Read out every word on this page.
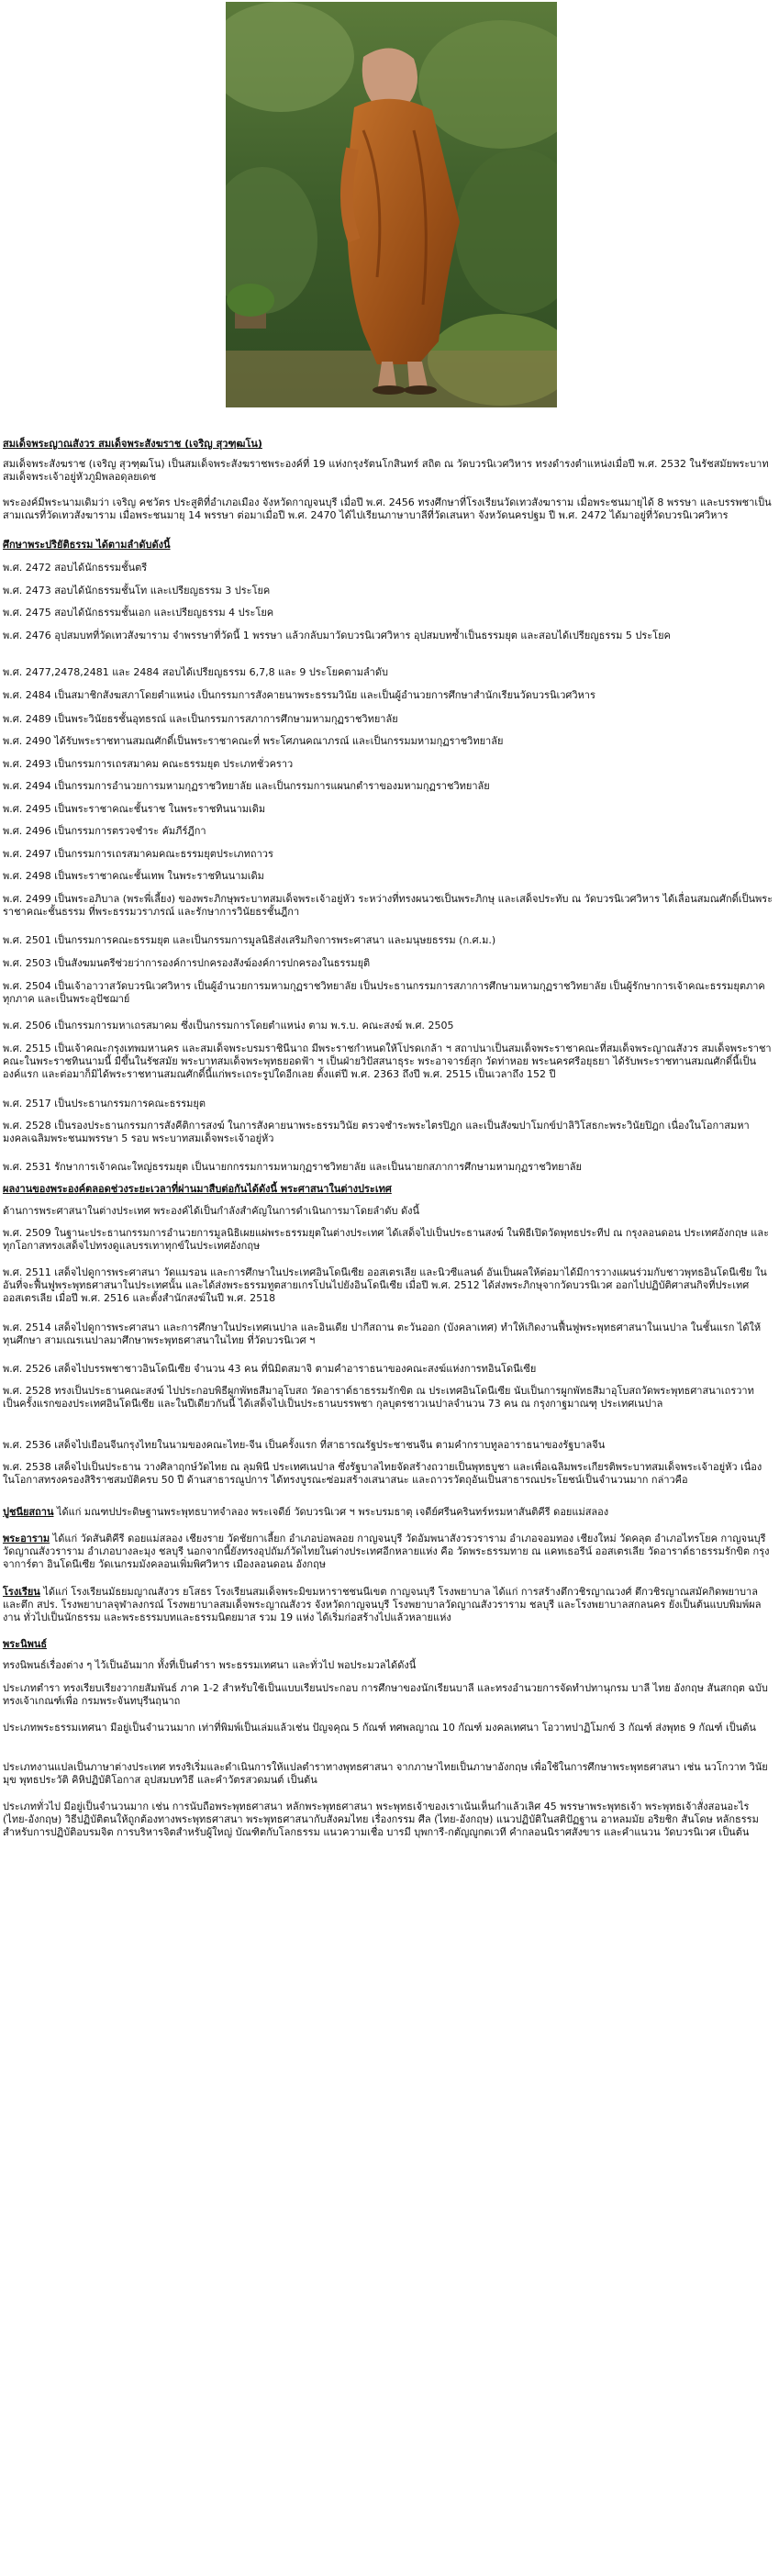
สมเด็จพระญาณสังวร สมเด็จพระสังฆราช (เจริญ สุวฑฺฒโน)
สมเด็จพระสังฆราช (เจริญ สุวฑฺฒโน) เป็นสมเด็จพระสังฆราชพระองค์ที่ 19 แห่งกรุงรัตนโกสินทร์ สถิต ณ วัดบวรนิเวศวิหาร ทรงดำรงตำแหน่งเมื่อปี พ.ศ. 2532 ในรัชสมัยพระบาทสมเด็จพระเจ้าอยู่หัวภูมิพลอดุลยเดช
พระองค์มีพระนามเดิมว่า เจริญ คชวัตร ประสูติที่อำเภอเมือง จังหวัดกาญจนบุรี เมื่อปี พ.ศ. 2456 ทรงศึกษาที่โรงเรียนวัดเทวสังฆาราม เมื่อพระชนมายุได้ 8 พรรษา และบรรพชาเป็นสามเณรที่วัดเทวสังฆาราม เมื่อพระชนมายุ 14 พรรษา ต่อมาเมื่อปี พ.ศ. 2470 ได้ไปเรียนภาษาบาลีที่วัดเสนหา จังหวัดนครปฐม ปี พ.ศ. 2472 ได้มาอยู่ที่วัดบวรนิเวศวิหาร
ศึกษาพระปริยัติธรรม ได้ตามลำดับดังนี้
พ.ศ. 2472 สอบได้นักธรรมชั้นตรี
พ.ศ. 2473 สอบได้นักธรรมชั้นโท และเปรียญธรรม 3 ประโยค
พ.ศ. 2475 สอบได้นักธรรมชั้นเอก และเปรียญธรรม 4 ประโยค
พ.ศ. 2476 อุปสมบทที่วัดเทวสังฆาราม จำพรรษาที่วัดนี้ 1 พรรษา แล้วกลับมาวัดบวรนิเวศวิหาร อุปสมบทซ้ำเป็นธรรมยุต และสอบได้เปรียญธรรม 5 ประโยค
พ.ศ. 2477,2478,2481 และ 2484 สอบได้เปรียญธรรม 6,7,8 และ 9 ประโยคตามลำดับ
พ.ศ. 2484 เป็นสมาชิกสังฆสภาโดยตำแหน่ง เป็นกรรมการสังคายนาพระธรรมวินัย และเป็นผู้อำนวยการศึกษาสำนักเรียนวัดบวรนิเวศวิหาร
พ.ศ. 2489 เป็นพระวินัยธรชั้นอุทธรณ์ และเป็นกรรมการสภาการศึกษามหามกุฏราชวิทยาลัย
พ.ศ. 2490 ได้รับพระราชทานสมณศักดิ์เป็นพระราชาคณะที่ พระโศภนคณาภรณ์ และเป็นกรรมมหามกุฏราชวิทยาลัย
พ.ศ. 2493 เป็นกรรมการเถรสมาคม คณะธรรมยุต ประเภทชั่วคราว
พ.ศ. 2494 เป็นกรรมการอำนวยการมหามกุฏราชวิทยาลัย และเป็นกรรมการแผนกตำราของมหามกุฏราชวิทยาลัย
พ.ศ. 2495 เป็นพระราชาคณะชั้นราช ในพระราชทินนามเดิม
พ.ศ. 2496 เป็นกรรมการตรวจชำระ คัมภีร์ฎีกา
พ.ศ. 2497 เป็นกรรมการเถรสมาคมคณะธรรมยุตประเภทถาวร
พ.ศ. 2498 เป็นพระราชาคณะชั้นเทพ ในพระราชทินนามเดิม
พ.ศ. 2499 เป็นพระอภิบาล (พระพี่เลี้ยง) ของพระภิกษุพระบาทสมเด็จพระเจ้าอยู่หัว ระหว่างที่ทรงผนวชเป็นพระภิกษุ และเสด็จประทับ ณ วัดบวรนิเวศวิหาร ได้เลื่อนสมณศักดิ์เป็นพระราชาคณะชั้นธรรม ที่พระธรรมวราภรณ์ และรักษาการวินัยธรชั้นฎีกา
พ.ศ. 2501 เป็นกรรมการคณะธรรมยุต และเป็นกรรมการมูลนิธิส่งเสริมกิจการพระศาสนา และมนุษยธรรม (ก.ศ.ม.)
พ.ศ. 2503 เป็นสังฆมนตรีช่วยว่าการองค์การปกครองสังฆ์องค์การปกครองในธรรมยุติ
พ.ศ. 2504 เป็นเจ้าอาวาสวัดบวรนิเวศวิหาร เป็นผู้อำนวยการมหามกุฏราชวิทยาลัย เป็นประธานกรรมการสภาการศึกษามหามกุฏราชวิทยาลัย เป็นผู้รักษาการเจ้าคณะธรรมยุตภาคทุกภาค และเป็นพระอุปัชฌาย์
พ.ศ. 2506 เป็นกรรมการมหาเถรสมาคม ซึ่งเป็นกรรมการโดยตำแหน่ง ตาม พ.ร.บ. คณะสงฆ์ พ.ศ. 2505
พ.ศ. 2515 เป็นเจ้าคณะกรุงเทพมหานคร และสมเด็จพระบรมราชินีนาถ มีพระราชกำหนดให้โปรดเกล้า ฯ สถาปนาเป็นสมเด็จพระราชาคณะที่สมเด็จพระญาณสังวร สมเด็จพระราชาคณะในพระราชทินนามนี้ มีขึ้นในรัชสมัย พระบาทสมเด็จพระพุทธยอดฟ้า ฯ เป็นฝ่ายวิปัสสนาธุระ พระอาจารย์สุก วัดท่าหอย พระนครศรีอยุธยา ได้รับพระราชทานสมณศักดิ์นี้เป็นองค์แรก และต่อมาก็มิได้พระราชทานสมณศักดิ์นี้แก่พระเถระรูปใดอีกเลย ตั้งแต่ปี พ.ศ. 2363 ถึงปี พ.ศ. 2515 เป็นเวลาถึง 152 ปี
พ.ศ. 2517 เป็นประธานกรรมการคณะธรรมยุต
พ.ศ. 2528 เป็นรองประธานกรรมการสังคีติการสงฆ์ ในการสังคายนาพระธรรมวินัย ตรวจชำระพระไตรปิฎก และเป็นสังฆปาโมกข์ปาลิวิโสธกะพระวินัยปิฎก เนื่องในโอกาสมหามงคลเฉลิมพระชนมพรรษา 5 รอบ พระบาทสมเด็จพระเจ้าอยู่หัว
พ.ศ. 2531 รักษาการเจ้าคณะใหญ่ธรรมยุต เป็นนายกกรรมการมหามกุฏราชวิทยาลัย และเป็นนายกสภาการศึกษามหามกุฏราชวิทยาลัย
ผลงานของพระองค์ตลอดช่วงระยะเวลาที่ผ่านมาสืบต่อกันได้ดังนี้ พระศาสนาในต่างประเทศ
ด้านการพระศาสนาในต่างประเทศ พระองค์ได้เป็นกำลังสำคัญในการดำเนินการมาโดยลำดับ ดังนี้
พ.ศ. 2509 ในฐานะประธานกรรมการอำนวยการมูลนิธิเผยแผ่พระธรรมยุตในต่างประเทศ ได้เสด็จไปเป็นประธานสงฆ์ ในพิธีเปิดวัดพุทธประทีป ณ กรุงลอนดอน ประเทศอังกฤษ และทุกโอกาสทรงเสด็จไปทรงดูแลบรรเทาทุกข์ในประเทศอังกฤษ
พ.ศ. 2511 เสด็จไปดูการพระศาสนา วัดแมรอน และการศึกษาในประเทศอินโดนีเซีย ออสเตรเลีย และนิวซีแลนด์ อันเป็นผลให้ต่อมาได้มีการวางแผนร่วมกับชาวพุทธอินโดนีเซีย ในอันที่จะฟื้นฟูพระพุทธศาสนาในประเทศนั้น และได้ส่งพระธรรมทูตสายเกรโปนไปยังอินโดนีเซีย เมื่อปี พ.ศ. 2512 ได้ส่งพระภิกษุจากวัดบวรนิเวศ ออกไปปฏิบัติศาสนกิจที่ประเทศออสเตรเลีย เมื่อปี พ.ศ. 2516 และตั้งสำนักสงฆ์ในปี พ.ศ. 2518
พ.ศ. 2514 เสด็จไปดูการพระศาสนา และการศึกษาในประเทศเนปาล และอินเดีย ปากีสถาน ตะวันออก (บังคลาเทศ) ทำให้เกิดงานฟื้นฟูพระพุทธศาสนาในเนปาล ในชั้นแรก ได้ให้ทุนศึกษา สามเณรเนปาลมาศึกษาพระพุทธศาสนาในไทย ที่วัดบวรนิเวศ ฯ
พ.ศ. 2526 เสด็จไปบรรพชาชาวอินโดนีเซีย จำนวน 43 คน ที่นิมิตสมาจิ ตามคำอาราธนาของคณะสงฆ์แห่งการทอินโดนีเซีย
พ.ศ. 2528 ทรงเป็นประธานคณะสงฆ์ ไปประกอบพิธีผูกพัทธสีมาอุโบสถ วัดอาราด์ธาธรรมรักขิต ณ ประเทศอินโดนีเซีย นับเป็นการผูกพัทธสีมาอุโบสถวัดพระพุทธศาสนาเถรวาท เป็นครั้งแรกของประเทศอินโดนีเซีย และในปีเดียวกันนี้ ได้เสด็จไปเป็นประธานบรรพชา กุลบุตรชาวเนปาลจำนวน 73 คน ณ กรุงกาฐมาณฑุ ประเทศเนปาล
พ.ศ. 2536 เสด็จไปเยือนจีนกรุงไทยในนามของคณะไทย-จีน เป็นครั้งแรก ที่สาธารณรัฐประชาชนจีน ตามคำกราบทูลอาราธนาของรัฐบาลจีน
พ.ศ. 2538 เสด็จไปเป็นประธาน วางศิลาฤกษ์วัดไทย ณ ลุมพินี ประเทศเนปาล ซึ่งรัฐบาลไทยจัดสร้างถวายเป็นพุทธบูชา และเพื่อเฉลิมพระเกียรติพระบาทสมเด็จพระเจ้าอยู่หัว เนื่องในโอกาสทรงครองสิริราชสมบัติครบ 50 ปี ด้านสาธารณูปการ ได้ทรงบูรณะซ่อมสร้างเสนาสนะ และถาวรวัตถุอันเป็นสาธารณประโยชน์เป็นจำนวนมาก กล่าวคือ
ปูชนียสถาน ได้แก่ มณฑปประดิษฐานพระพุทธบาทจำลอง พระเจดีย์ วัดบวรนิเวศ ฯ พระบรมธาตุ เจดีย์ศรีนครินทร์หรมหาสันติคีรี ดอยแม่สลอง
พระอาราม ได้แก่ วัดสันติคีรี ดอยแม่สลอง เชียงราย วัดชัยกาเลี้ยก อำเภอบ่อพลอย กาญจนบุรี วัดอัมพนาสังวรวราราม อำเภอจอมทอง เชียงใหม่ วัดคลุต อำเภอไทรโยค กาญจนบุรี วัดญาณสังวราราม อำเภอบางละมุง ชลบุรี นอกจากนี้ยังทรงอุปถัมภ์วัดไทยในต่างประเทศอีกหลายแห่ง คือ วัดพระธรรมทาย ณ แคทเธอรีน์ ออสเตรเลีย วัดอาราด์ธาธรรมรักขิต กรุงจาการ์ตา อินโดนีเซีย วัดเนกรมมังคลอนเพิ่มพิศวิหาร เมืองลอนดอน อังกฤษ
โรงเรียน ได้แก่ โรงเรียนมัธยมญาณสังวร ยโสธร โรงเรียนสมเด็จพระมิขมหาราชชนนีเขต กาญจนบุรี โรงพยาบาล ได้แก่ การสร้างตึกวชิรญาณวงศ์ ตึกวชิรญาณสมัคกิดพยาบาล และตึก สปร. โรงพยาบาลจุฬาลงกรณ์ โรงพยาบาลสมเด็จพระญาณสังวร จังหวัดกาญจนบุรี โรงพยาบาลวัดญาณสังวราราม ชลบุรี และโรงพยาบาลสกลนคร ยังเป็นต้นแบบพิมพ์ผลงาน ทั่วไปเป็นนักธรรม และพระธรรมบทและธรรมนิตยมาส รวม 19 แห่ง ได้เริ่มก่อสร้างไปแล้วหลายแห่ง
พระนิพนธ์
ทรงนิพนธ์เรื่องต่าง ๆ ไว้เป็นอันมาก ทั้งที่เป็นตำรา พระธรรมเทศนา และทั่วไป พอประมวลได้ดังนี้
ประเภทตำรา ทรงเรียบเรียงวากยสัมพันธ์ ภาค 1-2 สำหรับใช้เป็นแบบเรียนประกอบ การศึกษาของนักเรียนบาลี และทรงอำนวยการจัดทำปทานุกรม บาลี ไทย อังกฤษ สันสกฤต ฉบับทรงเจ้าเกณฑ์เพื่อ กรมพระจันทบุรีนฤนาถ
ประเภทพระธรรมเทศนา มีอยู่เป็นจำนวนมาก เท่าที่พิมพ์เป็นเล่มแล้วเช่น ปัญจคุณ 5 กัณฑ์ ทศพลญาณ 10 กัณฑ์ มงคลเทศนา โอวาทปาฏิโมกข์ 3 กัณฑ์ ส่งพุทธ 9 กัณฑ์ เป็นต้น
ประเภทงานแปลเป็นภาษาต่างประเทศ ทรงริเริ่มและดำเนินการให้แปลตำราทางพุทธศาสนา จากภาษาไทยเป็นภาษาอังกฤษ เพื่อใช้ในการศึกษาพระพุทธศาสนา เช่น นวโกวาท วินัยมุข พุทธประวัติ คิหิปฏิบัติโอกาส อุปสมบทวิธี และคำวัตรสวดมนต์ เป็นต้น
ประเภททั่วไป มีอยู่เป็นจำนวนมาก เช่น การนับถือพระพุทธศาสนา หลักพระพุทธศาสนา พระพุทธเจ้าของเราเน้นเห็นกำแล้วเลิศ 45 พรรษาพระพุทธเจ้า พระพุทธเจ้าสั่งสอนอะไร (ไทย-อังกฤษ) วิธีปฏิบัติตนให้ถูกต้องทางพระพุทธศาสนา พระพุทธศาสนากับสังคมไทย เรื่องกรรม ศีล (ไทย-อังกฤษ) แนวปฏิบัติในสติปัฏฐาน อาหลมมัย อริยชิก สันโดษ หลักธรรมสำหรับการปฏิบัติอบรมจิต การบริหารจิตสำหรับผู้ใหญ่ บัณฑิตกับโลกธรรม แนวความเชื่อ บารมี บุพการี-กตัญญูกตเวที คำกลอนนิราศสังขาร และคำแนวน วัดบวรนิเวศ เป็นต้น
